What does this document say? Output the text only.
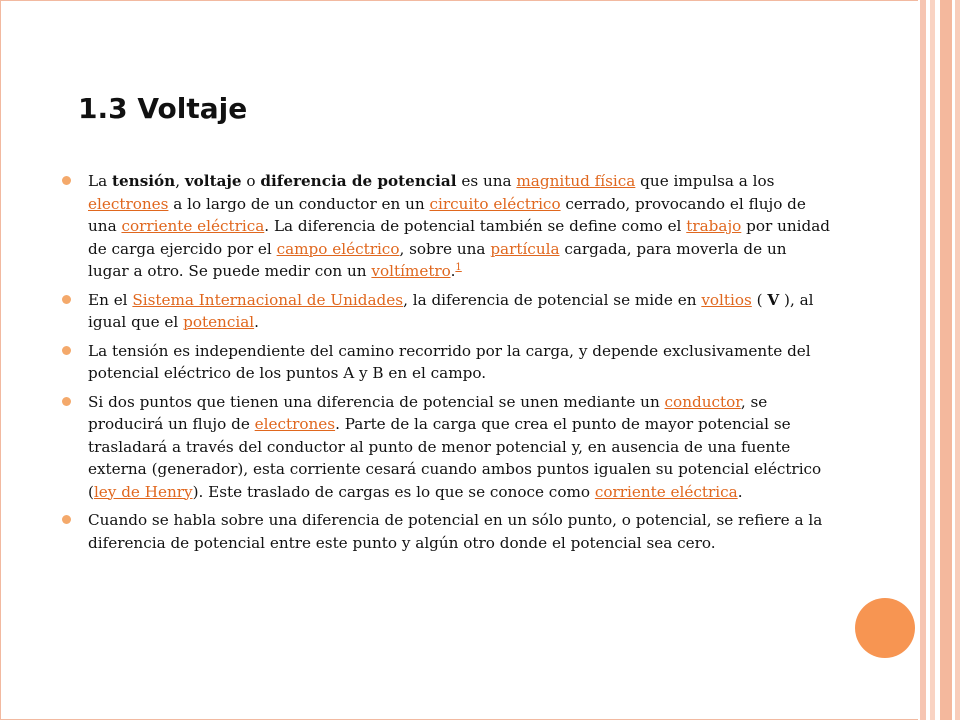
1.3 Voltaje
La tensión, voltaje o diferencia de potencial es una magnitud física que impulsa a los electrones a lo largo de un conductor en un circuito eléctrico cerrado, provocando el flujo de una corriente eléctrica. La diferencia de potencial también se define como el trabajo por unidad de carga ejercido por el campo eléctrico, sobre una partícula cargada, para moverla de un lugar a otro. Se puede medir con un voltímetro.$^1$
En el Sistema Internacional de Unidades, la diferencia de potencial se mide en voltios ( V ), al igual que el potencial.
La tensión es independiente del camino recorrido por la carga, y depende exclusivamente del potencial eléctrico de los puntos A y B en el campo.
Si dos puntos que tienen una diferencia de potencial se unen mediante un conductor, se producirá un flujo de electrones. Parte de la carga que crea el punto de mayor potencial se trasladará a través del conductor al punto de menor potencial y, en ausencia de una fuente externa (generador), esta corriente cesará cuando ambos puntos igualen su potencial eléctrico (ley de Henry). Este traslado de cargas es lo que se conoce como corriente eléctrica.
Cuando se habla sobre una diferencia de potencial en un sólo punto, o potencial, se refiere a la diferencia de potencial entre este punto y algún otro donde el potencial sea cero.
